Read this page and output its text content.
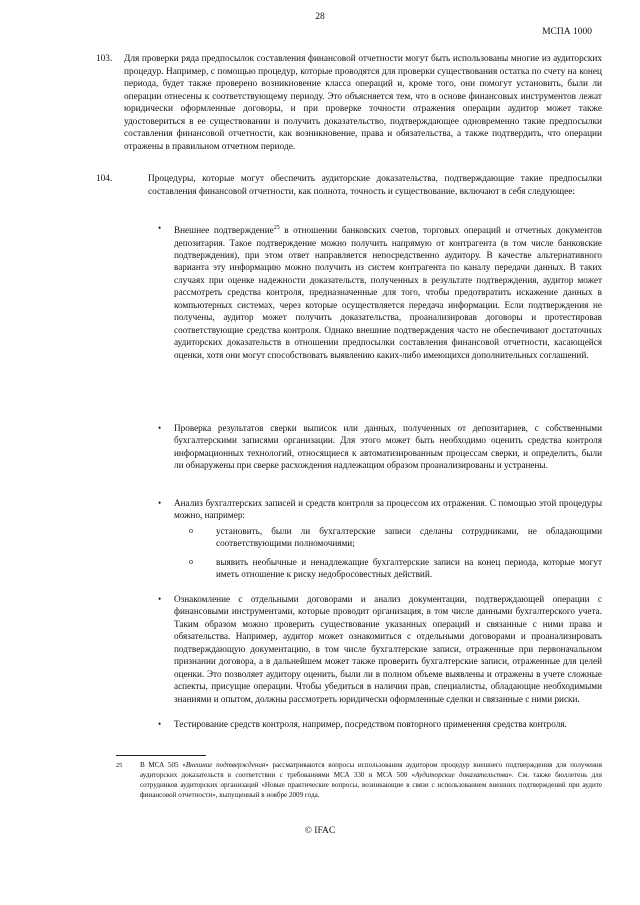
28
МСПА 1000
103. Для проверки ряда предпосылок составления финансовой отчетности могут быть использованы многие из аудиторских процедур. Например, с помощью процедур, которые проводятся для проверки существования остатка по счету на конец периода, будет также проверено возникновение класса операций и, кроме того, они помогут установить, были ли операции отнесены к соответствующему периоду. Это объясняется тем, что в основе финансовых инструментов лежат юридически оформленные договоры, и при проверке точности отражения операции аудитор может также удостовериться в ее существовании и получить доказательство, подтверждающее одновременно такие предпосылки составления финансовой отчетности, как возникновение, права и обязательства, а также подтвердить, что операции отражены в правильном отчетном периоде.
104.	Процедуры, которые могут обеспечить аудиторские доказательства, подтверждающие такие предпосылки составления финансовой отчетности, как полнота, точность и существование, включают в себя следующее:
• Внешнее подтверждение$^{25}$ в отношении банковских счетов, торговых операций и отчетных документов депозитария. Такое подтверждение можно получить напрямую от контрагента (в том числе банковские подтверждения), при этом ответ направляется непосредственно аудитору. В качестве альтернативного варианта эту информацию можно получить из систем контрагента по каналу передачи данных. В таких случаях при оценке надежности доказательств, полученных в результате подтверждения, аудитор может рассмотреть средства контроля, предназначенные для того, чтобы предотвратить искажение данных в компьютерных системах, через которые осуществляется передача информации. Если подтверждения не получены, аудитор может получить доказательства, проанализировав договоры и протестировав соответствующие средства контроля. Однако внешние подтверждения часто не обеспечивают достаточных аудиторских доказательств в отношении предпосылки составления финансовой отчетности, касающейся оценки, хотя они могут способствовать выявлению каких-либо имеющихся дополнительных соглашений.
• Проверка результатов сверки выписок или данных, полученных от депозитариев, с собственными бухгалтерскими записями организации. Для этого может быть необходимо оценить средства контроля информационных технологий, относящиеся к автоматизированным процессам сверки, и определить, были ли обнаружены при сверке расхождения надлежащим образом проанализированы и устранены.
• Анализ бухгалтерских записей и средств контроля за процессом их отражения. С помощью этой процедуры можно, например:
o	установить, были ли бухгалтерские записи сделаны сотрудниками, не обладающими соответствующими полномочиями;
o	выявить необычные и ненадлежащие бухгалтерские записи на конец периода, которые могут иметь отношение к риску недобросовестных действий.
• Ознакомление с отдельными договорами и анализ документации, подтверждающей операции с финансовыми инструментами, которые проводит организация, в том числе данными бухгалтерского учета. Таким образом можно проверить существование указанных операций и связанные с ними права и обязательства. Например, аудитор может ознакомиться с отдельными договорами и проанализировать подтверждающую документацию, в том числе бухгалтерские записи, отраженные при первоначальном признании договора, а в дальнейшем может также проверить бухгалтерские записи, отраженные для целей оценки. Это позволяет аудитору оценить, были ли в полном объеме выявлены и отражены в учете сложные аспекты, присущие операции. Чтобы убедиться в наличии прав, специалисты, обладающие необходимыми знаниями и опытом, должны рассмотреть юридически оформленные сделки и связанные с ними риски.
• Тестирование средств контроля, например, посредством повторного применения средства контроля.
25	В МСА 505 «Внешние подтверждения» рассматриваются вопросы использования аудитором процедур внешнего подтверждения для получения аудиторских доказательств в соответствии с требованиями МСА 330 и МСА 500 «Аудиторские доказательства». См. также бюллетень для сотрудников аудиторских организаций «Новые практические вопросы, возникающие в связи с использованием внешних подтверждений при аудите финансовой отчетности», выпущенный в ноябре 2009 года.
© IFAC
